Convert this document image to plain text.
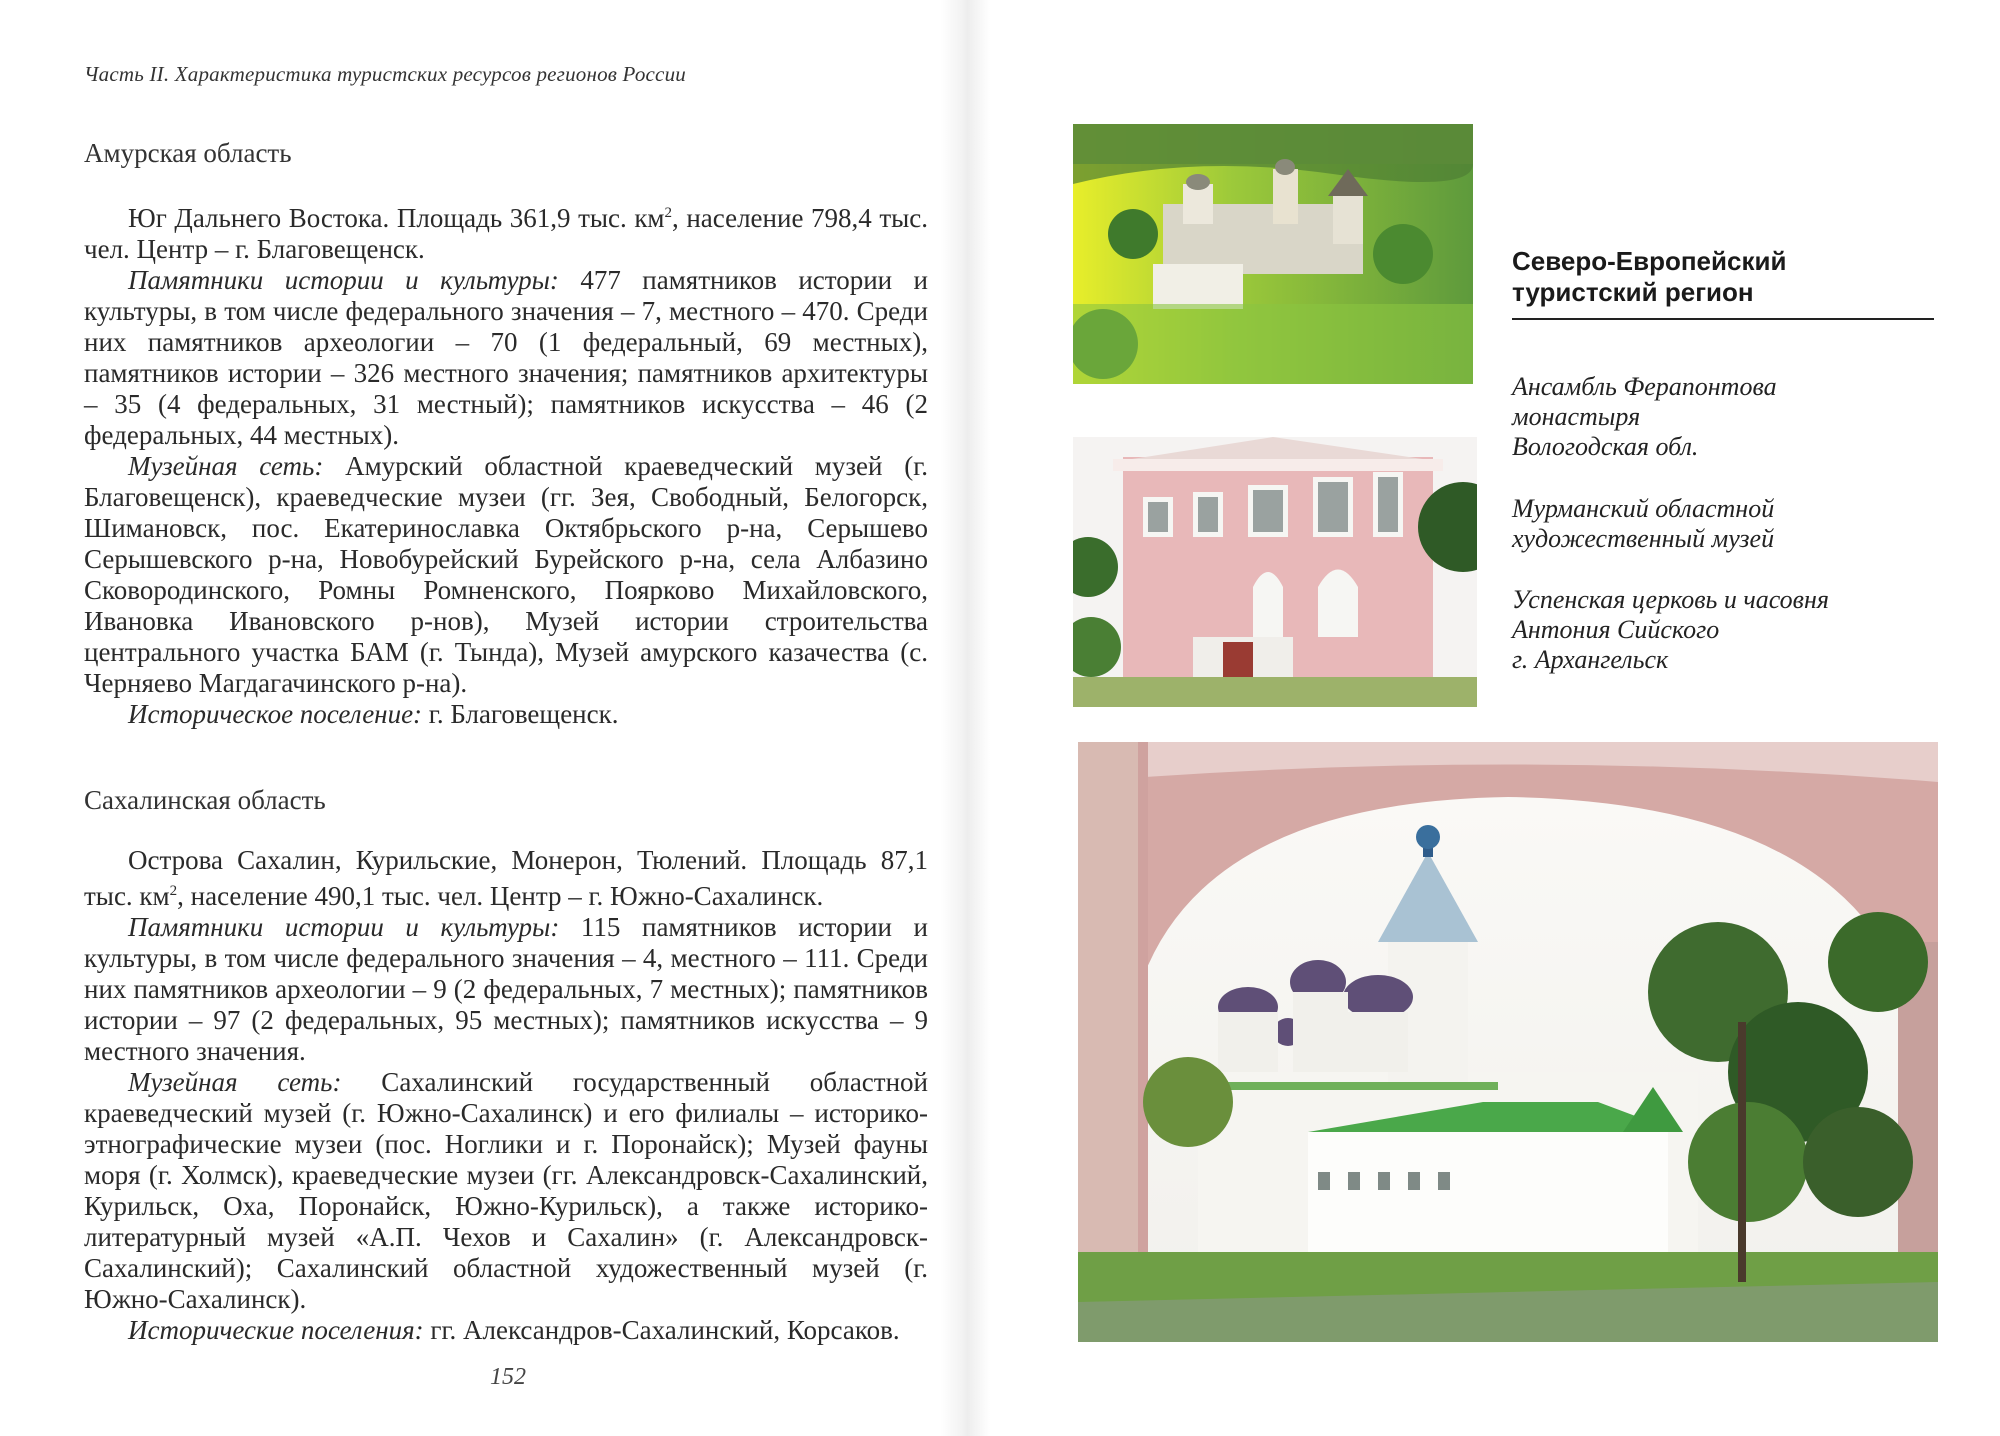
Часть II. Характеристика туристских ресурсов регионов России
Амурская область

Юг Дальнего Востока. Площадь 361,9 тыс. $км^2$, население 798,4 тыс. чел. Центр – г. Благовещенск.

Памятники истории и культуры: 477 памятников истории и культуры, в том числе федерального значения – 7, местного – 470. Среди них памятников археологии – 70 (1 федеральный, 69 местных), памятников истории – 326 местного значения; памятников архитектуры – 35 (4 федеральных, 31 местный); памятников искусства – 46 (2 федеральных, 44 местных).

Музейная сеть: Амурский областной краеведческий музей (г. Благовещенск), краеведческие музеи (гг. Зея, Свободный, Белогорск, Шимановск, пос. Екатеринославка Октябрьского р-на, Серышево Серышевского р-на, Новобурейский Бурейского р-на, села Албазино Сковородинского, Ромны Ромненского, Поярково Михайловского, Ивановка Ивановского р-нов), Музей истории строительства центрального участка БАМ (г. Тында), Музей амурского казачества (с. Черняево Магдагачинского р-на).

Историческое поселение: г. Благовещенск.

Сахалинская область

Острова Сахалин, Курильские, Монерон, Тюлений. Площадь 87,1 тыс. $км^2$, население 490,1 тыс. чел. Центр – г. Южно-Сахалинск.

Памятники истории и культуры: 115 памятников истории и культуры, в том числе федерального значения – 4, местного – 111. Среди них памятников археологии – 9 (2 федеральных, 7 местных); памятников истории – 97 (2 федеральных, 95 местных); памятников искусства – 9 местного значения.

Музейная сеть: Сахалинский государственный областной краеведческий музей (г. Южно-Сахалинск) и его филиалы – историко-этнографические музеи (пос. Ноглики и г. Поронайск); Музей фауны моря (г. Холмск), краеведческие музеи (гг. Александровск-Сахалинский, Курильск, Оха, Поронайск, Южно-Курильск), а также историко-литературный музей «А.П. Чехов и Сахалин» (г. Александровск-Сахалинский); Сахалинский областной художественный музей (г. Южно-Сахалинск).

Исторические поселения: гг. Александров-Сахалинский, Корсаков.

152
Северо-Европейский
туристский регион
Ансамбль Ферапонтова
монастыря
Вологодская обл.
Мурманский областной
художественный музей
Успенская церковь и часовня
Антония Сийского
г. Архангельск
